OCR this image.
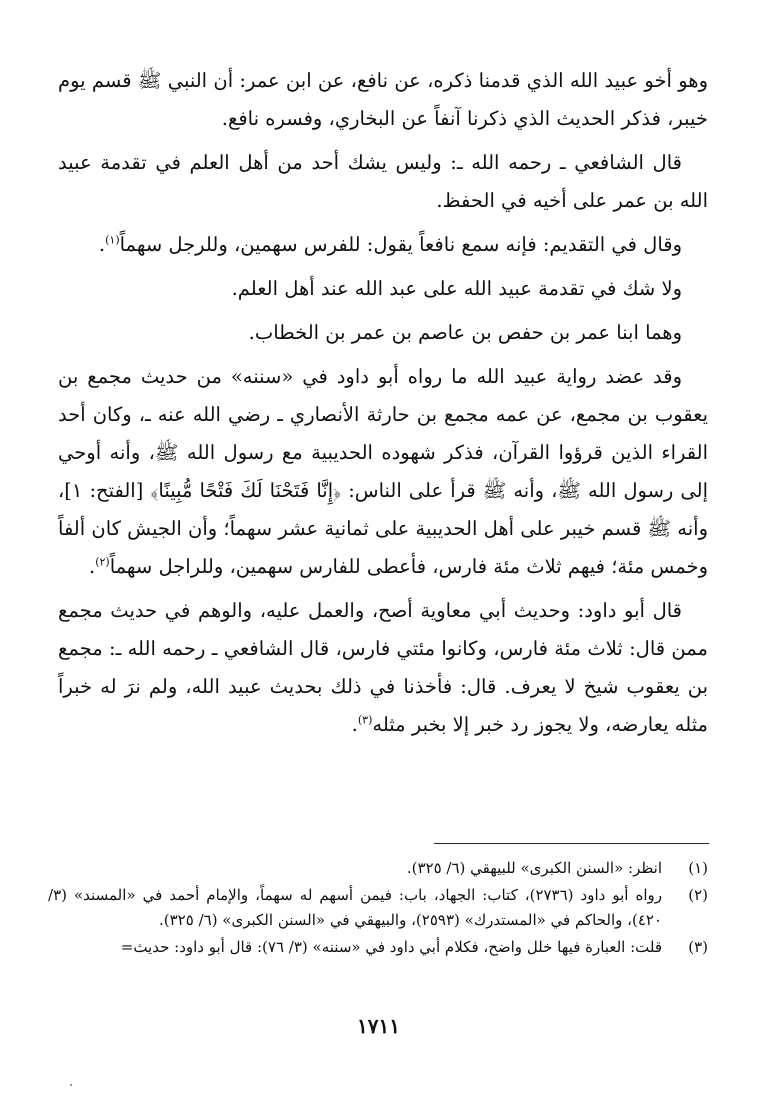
وهو أخو عبيد الله الذي قدمنا ذكره، عن نافع، عن ابن عمر: أن النبي ﷺ قسم يوم خيبر، فذكر الحديث الذي ذكرنا آنفاً عن البخاري، وفسره نافع.

قال الشافعي ـ رحمه الله ـ: وليس يشك أحد من أهل العلم في تقدمة عبيد الله بن عمر على أخيه في الحفظ.

وقال في التقديم: فإنه سمع نافعاً يقول: للفرس سهمين، وللرجل سهماً$^{(١)}$.

ولا شك في تقدمة عبيد الله على عبد الله عند أهل العلم.

وهما ابنا عمر بن حفص بن عاصم بن عمر بن الخطاب.

وقد عضد رواية عبيد الله ما رواه أبو داود في «سننه» من حديث مجمع بن يعقوب بن مجمع، عن عمه مجمع بن حارثة الأنصاري ـ رضي الله عنه ـ، وكان أحد القراء الذين قرؤوا القرآن، فذكر شهوده الحديبية مع رسول الله ﷺ، وأنه أوحي إلى رسول الله ﷺ، وأنه ﷺ قرأ على الناس: ﴿إِنَّا فَتَحْنَا لَكَ فَتْحًا مُّبِينًا﴾ [الفتح: ١]، وأنه ﷺ قسم خيبر على أهل الحديبية على ثمانية عشر سهماً؛ وأن الجيش كان ألفاً وخمس مئة؛ فيهم ثلاث مئة فارس، فأعطى للفارس سهمين، وللراجل سهماً$^{(٢)}$.

قال أبو داود: وحديث أبي معاوية أصح، والعمل عليه، والوهم في حديث مجمع ممن قال: ثلاث مئة فارس، وكانوا مئتي فارس، قال الشافعي ـ رحمه الله ـ: مجمع بن يعقوب شيخ لا يعرف. قال: فأخذنا في ذلك بحديث عبيد الله، ولم نرَ له خبراً مثله يعارضه، ولا يجوز رد خبر إلا بخبر مثله$^{(٣)}$.

(١)
انظر: «السنن الكبرى» للبيهقي (٦/ ٣٢٥).
(٢)
رواه أبو داود (٢٧٣٦)، كتاب: الجهاد، باب: فيمن أسهم له سهماً، والإمام أحمد في «المسند» (٣/ ٤٢٠)، والحاكم في «المستدرك» (٢٥٩٣)، والبيهقي في «السنن الكبرى» (٦/ ٣٢٥).
(٣)
قلت: العبارة فيها خلل واضح، فكلام أبي داود في «سننه» (٣/ ٧٦): قال أبو داود: حديث=
١٧١١
